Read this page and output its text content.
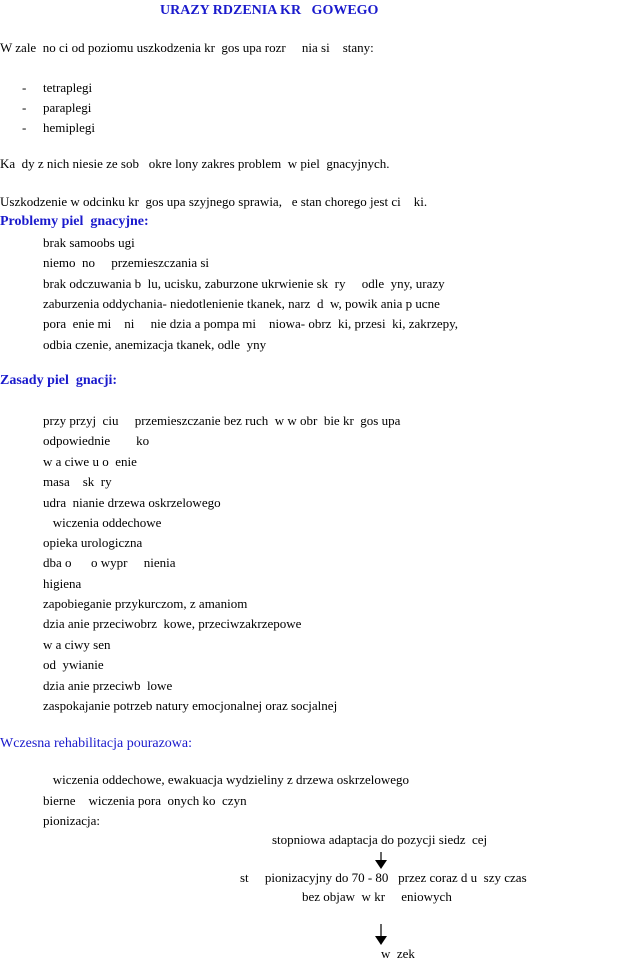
URAZY RDZENIA KR   GOWEGO
W zale  no ci od poziomu uszkodzenia kr  gos upa rozr     nia si    stany:
- tetraplegi
- paraplegi
- hemiplegi
Ka  dy z nich niesie ze sob   okre lony zakres problem  w piel  gnacyjnych.
Uszkodzenie w odcinku kr  gos upa szyjnego sprawia,   e stan chorego jest ci    ki.
Problemy piel  gnacyjne:
brak samoobs ugi
niemo  no     przemieszczania si
brak odczuwania b  lu, ucisku, zaburzone ukrwienie sk  ry     odle  yny, urazy
zaburzenia oddychania- niedotlenienie tkanek, narz  d  w, powik ania p ucne
pora  enie mi    ni     nie dzia a pompa mi    niowa- obrz  ki, przesi  ki, zakrzepy,
odbia czenie, anemizacja tkanek, odle  yny
Zasady piel  gnacji:
przy przyj  ciu     przemieszczanie bez ruch  w w obr  bie kr  gos upa
odpowiednie        ko
w a ciwe u o  enie
masa    sk  ry
udra  nianie drzewa oskrzelowego
wiczenia oddechowe
opieka urologiczna
dba o      o wypr     nienia
higiena
zapobieganie przykurczom, z amaniom
dzia anie przeciwobrz  kowe, przeciwzakrzepowe
w a ciwy sen
od  ywianie
dzia anie przeciwb  lowe
zaspokajanie potrzeb natury emocjonalnej oraz socjalnej
Wczesna rehabilitacja pourazowa:
wiczenia oddechowe, ewakuacja wydzieliny z drzewa oskrzelowego
bierne    wiczenia pora  onych ko  czyn
pionizacja:
stopniowa adaptacja do pozycji siedz  cej
st     pionizacyjny do 70 - 80   przez coraz d u  szy czas
bez objaw  w kr     eniowych
w  zek
